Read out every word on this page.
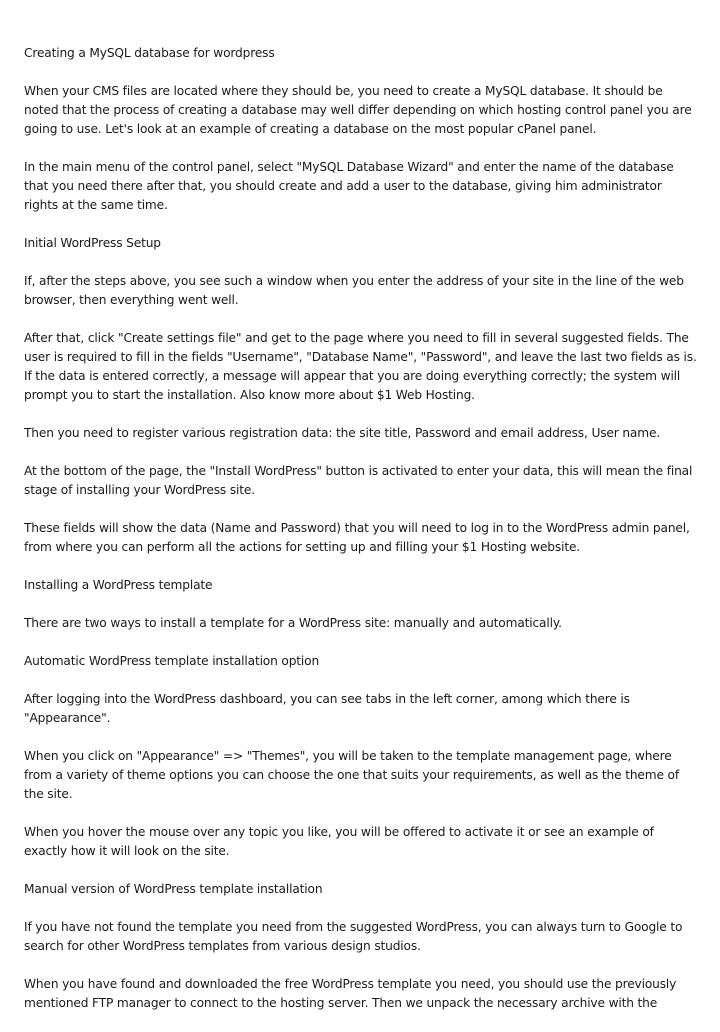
Creating a MySQL database for wordpress

When your CMS files are located where they should be, you need to create a MySQL database. It should be noted that the process of creating a database may well differ depending on which hosting control panel you are going to use. Let's look at an example of creating a database on the most popular cPanel panel.

In the main menu of the control panel, select "MySQL Database Wizard" and enter the name of the database that you need there after that, you should create and add a user to the database, giving him administrator rights at the same time.

Initial WordPress Setup

If, after the steps above, you see such a window when you enter the address of your site in the line of the web browser, then everything went well.

After that, click "Create settings file" and get to the page where you need to fill in several suggested fields. The user is required to fill in the fields "Username", "Database Name", "Password", and leave the last two fields as is. If the data is entered correctly, a message will appear that you are doing everything correctly; the system will prompt you to start the installation. Also know more about $1 Web Hosting.

Then you need to register various registration data: the site title, Password and email address, User name.

At the bottom of the page, the "Install WordPress" button is activated to enter your data, this will mean the final stage of installing your WordPress site.

These fields will show the data (Name and Password) that you will need to log in to the WordPress admin panel, from where you can perform all the actions for setting up and filling your $1 Hosting website.

Installing a WordPress template

There are two ways to install a template for a WordPress site: manually and automatically.

Automatic WordPress template installation option

After logging into the WordPress dashboard, you can see tabs in the left corner, among which there is "Appearance".

When you click on "Appearance" => "Themes", you will be taken to the template management page, where from a variety of theme options you can choose the one that suits your requirements, as well as the theme of the site.

When you hover the mouse over any topic you like, you will be offered to activate it or see an example of exactly how it will look on the site.

Manual version of WordPress template installation

If you have not found the template you need from the suggested WordPress, you can always turn to Google to search for other WordPress templates from various design studios.

When you have found and downloaded the free WordPress template you need, you should use the previously mentioned FTP manager to connect to the hosting server. Then we unpack the necessary archive with the
